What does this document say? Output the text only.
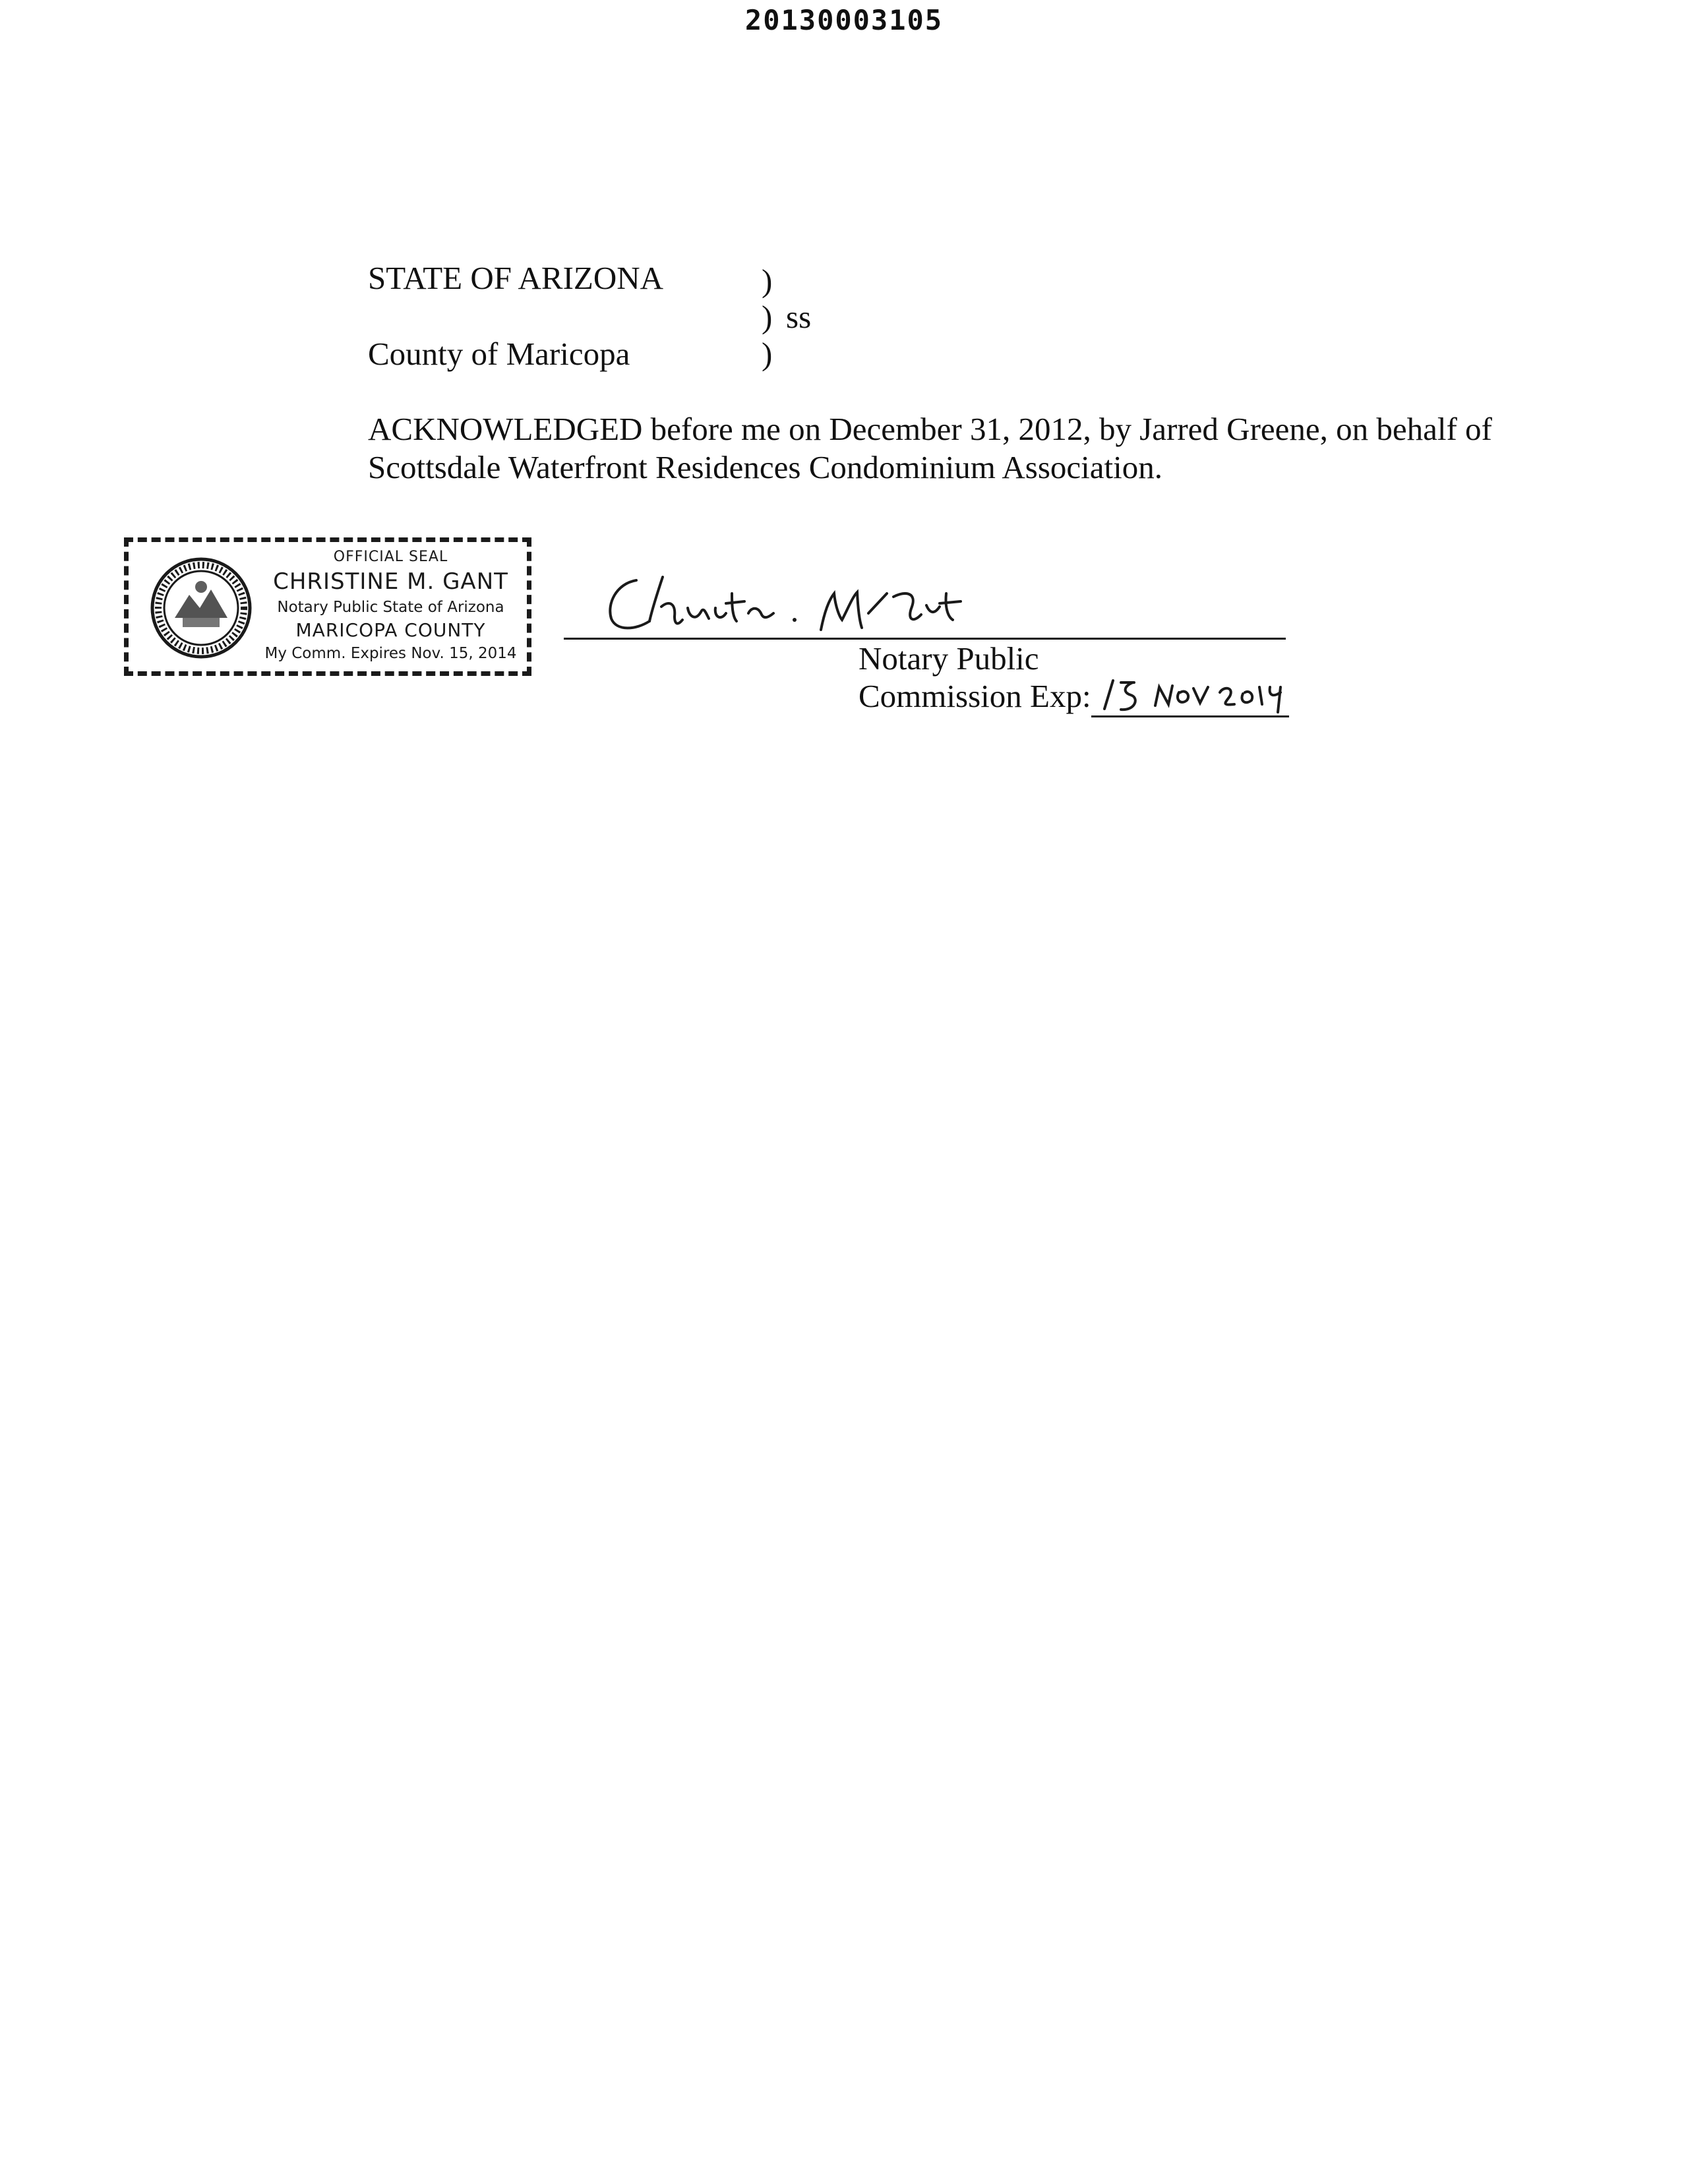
20130003105
STATE OF ARIZONA	)
) ss
County of Maricopa	)
ACKNOWLEDGED before me on December 31, 2012, by Jarred Greene, on behalf of Scottsdale Waterfront Residences Condominium Association.
OFFICIAL SEAL
CHRISTINE M. GANT
Notary Public State of Arizona
MARICOPA COUNTY
My Comm. Expires Nov. 15, 2014	Notary Public
Commission Exp:
